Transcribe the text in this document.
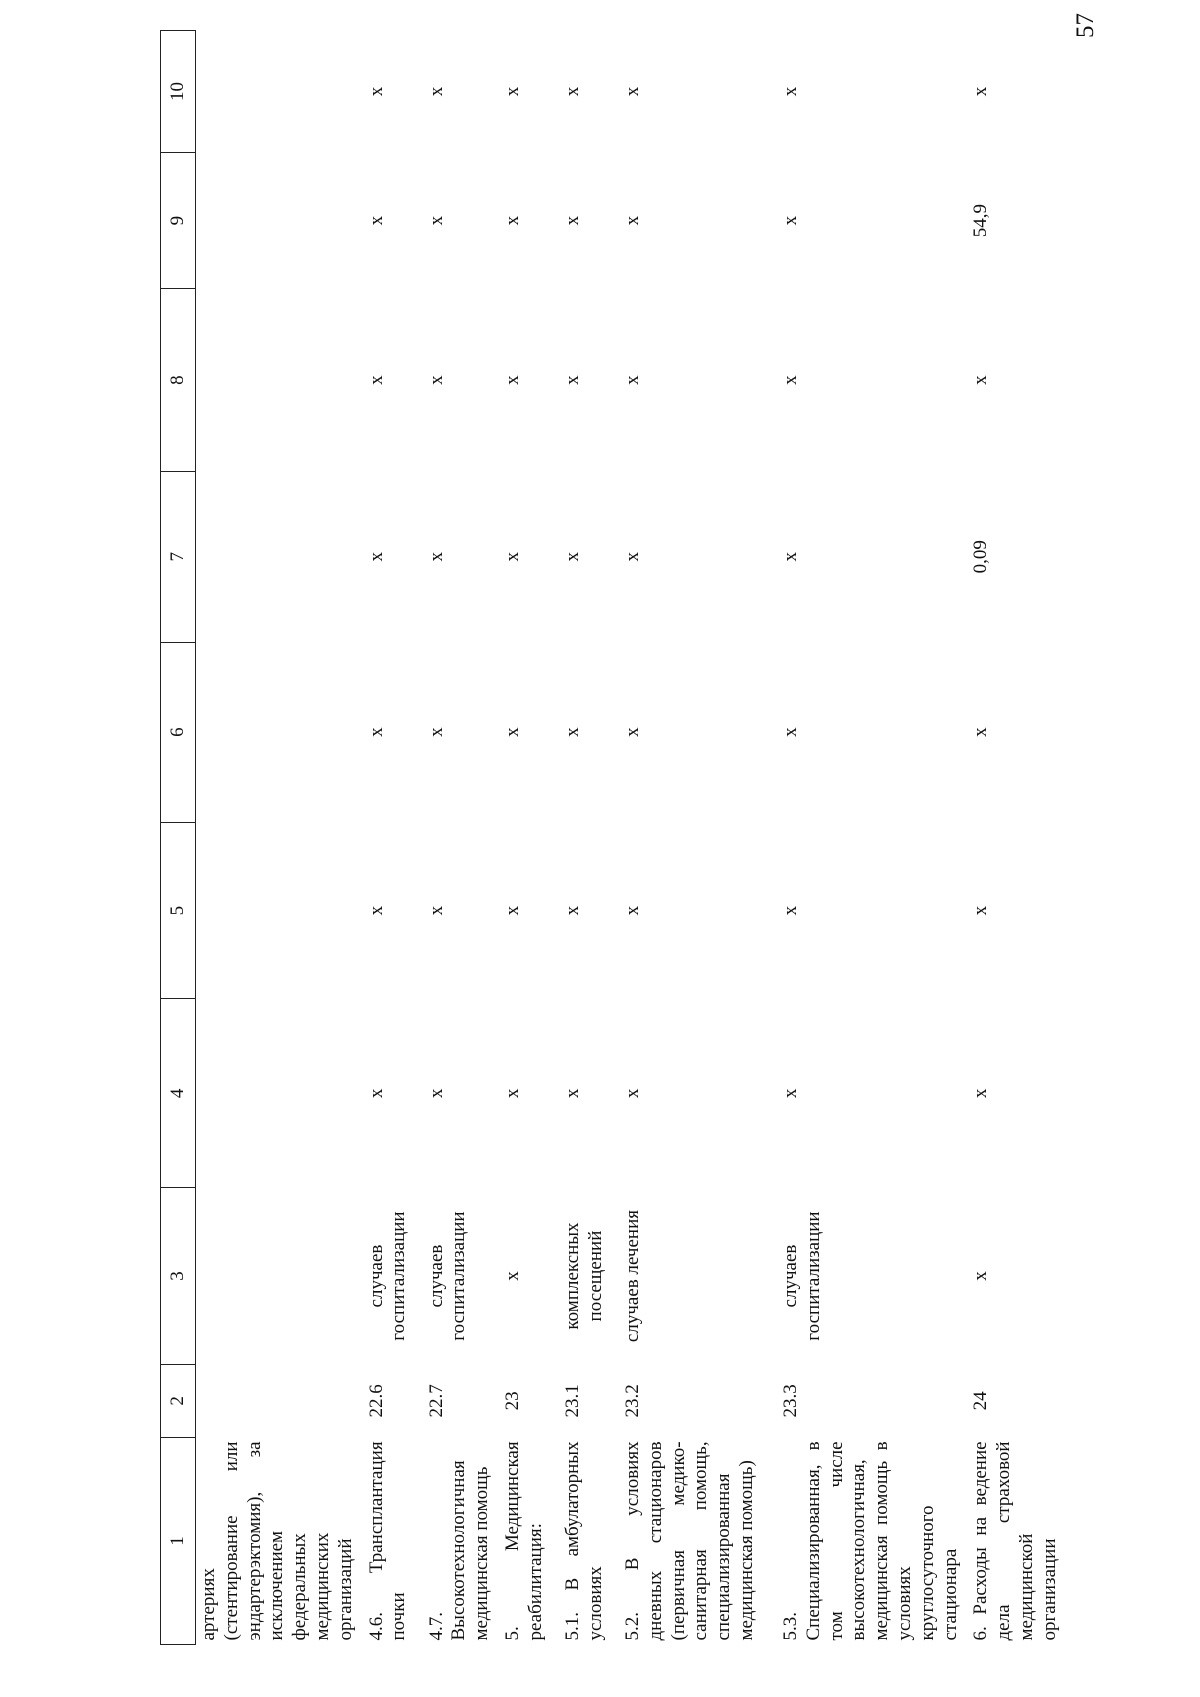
57
1	2	3	4	5	6	7	8	9	10
артериях (стентирование или эндартерэктомия), за исключением федеральных медицинских организаций									
4.6. Трансплантация почки	22.6	случаев госпитализации	х	х	х	х	х	х	х
4.7. Высокотехнологичная медицинская помощь	22.7	случаев госпитализации	х	х	х	х	х	х	х
5. Медицинская реабилитация:	23	х	х	х	х	х	х	х	х
5.1. В амбулаторных условиях	23.1	комплексных посещений	х	х	х	х	х	х	х
5.2. В условиях дневных стационаров (первичная медико-санитарная помощь, специализированная медицинская помощь)	23.2	случаев лечения	х	х	х	х	х	х	х
5.3. Специализированная, в том числе высокотехнологичная, медицинская помощь в условиях круглосуточного стационара	23.3	случаев госпитализации	х	х	х	х	х	х	х
6. Расходы на ведение дела страховой медицинской организации	24	х	х	х	х	0,09	х	54,9	х
